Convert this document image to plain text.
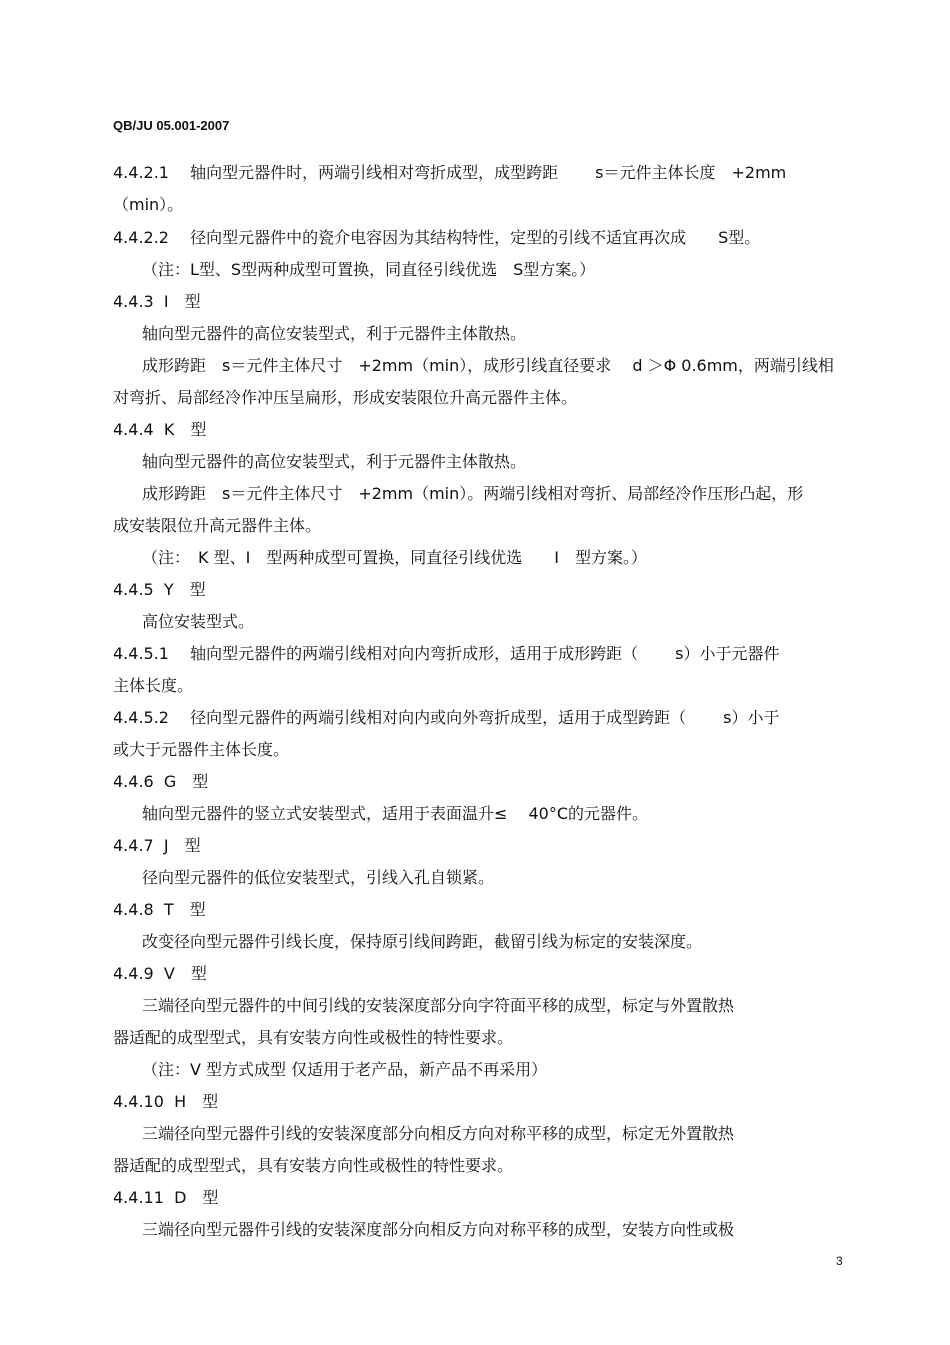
QB/JU 05.001-2007
4.4.2.1　 轴向型元器件时，两端引线相对弯折成型，成型跨距　　 s＝元件主体长度　+2mm
（min）。
4.4.2.2　 径向型元器件中的瓷介电容因为其结构特性，定型的引线不适宜再次成　　S型。
（注：L型、S型两种成型可置换，同直径引线优选　S型方案。）
4.4.3  I　型
轴向型元器件的高位安装型式，利于元器件主体散热。
成形跨距　s＝元件主体尺寸　+2mm（min），成形引线直径要求　 d ＞Φ 0.6mm，两端引线相
对弯折、局部经冷作冲压呈扁形，形成安装限位升高元器件主体。
4.4.4  K　型
轴向型元器件的高位安装型式，利于元器件主体散热。
成形跨距　s＝元件主体尺寸　+2mm（min）。两端引线相对弯折、局部经冷作压形凸起，形
成安装限位升高元器件主体。
（注：　K 型、I　型两种成型可置换，同直径引线优选　　I　型方案。）
4.4.5  Y　型
高位安装型式。
4.4.5.1　 轴向型元器件的两端引线相对向内弯折成形，适用于成形跨距（　　 s）小于元器件
主体长度。
4.4.5.2　 径向型元器件的两端引线相对向内或向外弯折成型，适用于成型跨距（　　 s）小于
或大于元器件主体长度。
4.4.6  G　型
轴向型元器件的竖立式安装型式，适用于表面温升≤　 40°C的元器件。
4.4.7  J　型
径向型元器件的低位安装型式，引线入孔自锁紧。
4.4.8  T　型
改变径向型元器件引线长度，保持原引线间跨距，截留引线为标定的安装深度。
4.4.9  V　型
三端径向型元器件的中间引线的安装深度部分向字符面平移的成型，标定与外置散热
器适配的成型型式，具有安装方向性或极性的特性要求。
（注：V 型方式成型 仅适用于老产品，新产品不再采用）
4.4.10  H　型
三端径向型元器件引线的安装深度部分向相反方向对称平移的成型，标定无外置散热
器适配的成型型式，具有安装方向性或极性的特性要求。
4.4.11  D　型
三端径向型元器件引线的安装深度部分向相反方向对称平移的成型，安装方向性或极
3
